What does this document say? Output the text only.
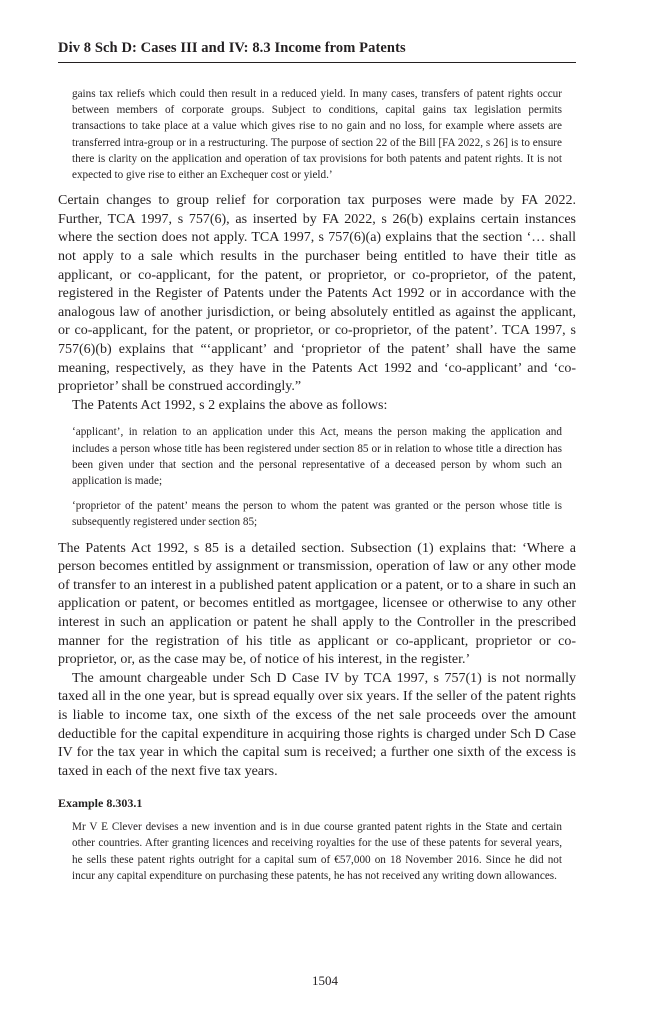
Div 8 Sch D: Cases III and IV: 8.3 Income from Patents

gains tax reliefs which could then result in a reduced yield. In many cases, transfers of patent rights occur between members of corporate groups. Subject to conditions, capital gains tax legislation permits transactions to take place at a value which gives rise to no gain and no loss, for example where assets are transferred intra-group or in a restructuring. The purpose of section 22 of the Bill [FA 2022, s 26] is to ensure there is clarity on the application and operation of tax provisions for both patents and patent rights. It is not expected to give rise to either an Exchequer cost or yield.’

Certain changes to group relief for corporation tax purposes were made by FA 2022. Further, TCA 1997, s 757(6), as inserted by FA 2022, s 26(b) explains certain instances where the section does not apply. TCA 1997, s 757(6)(a) explains that the section ‘… shall not apply to a sale which results in the purchaser being entitled to have their title as applicant, or co-applicant, for the patent, or proprietor, or co-proprietor, of the patent, registered in the Register of Patents under the Patents Act 1992 or in accordance with the analogous law of another jurisdiction, or being absolutely entitled as against the applicant, or co-applicant, for the patent, or proprietor, or co-proprietor, of the patent’. TCA 1997, s 757(6)(b) explains that “‘applicant’ and ‘proprietor of the patent’ shall have the same meaning, respectively, as they have in the Patents Act 1992 and ‘co-applicant’ and ‘co-proprietor’ shall be construed accordingly.”

The Patents Act 1992, s 2 explains the above as follows:

‘applicant’, in relation to an application under this Act, means the person making the application and includes a person whose title has been registered under section 85 or in relation to whose title a direction has been given under that section and the personal representative of a deceased person by whom such an application is made;

‘proprietor of the patent’ means the person to whom the patent was granted or the person whose title is subsequently registered under section 85;

The Patents Act 1992, s 85 is a detailed section. Subsection (1) explains that: ‘Where a person becomes entitled by assignment or transmission, operation of law or any other mode of transfer to an interest in a published patent application or a patent, or to a share in such an application or patent, or becomes entitled as mortgagee, licensee or otherwise to any other interest in such an application or patent he shall apply to the Controller in the prescribed manner for the registration of his title as applicant or co-applicant, proprietor or co-proprietor, or, as the case may be, of notice of his interest, in the register.’

The amount chargeable under Sch D Case IV by TCA 1997, s 757(1) is not normally taxed all in the one year, but is spread equally over six years. If the seller of the patent rights is liable to income tax, one sixth of the excess of the net sale proceeds over the amount deductible for the capital expenditure in acquiring those rights is charged under Sch D Case IV for the tax year in which the capital sum is received; a further one sixth of the excess is taxed in each of the next five tax years.

Example 8.303.1
Mr V E Clever devises a new invention and is in due course granted patent rights in the State and certain other countries. After granting licences and receiving royalties for the use of these patents for several years, he sells these patent rights outright for a capital sum of €57,000 on 18 November 2016. Since he did not incur any capital expenditure on purchasing these patents, he has not received any writing down allowances.
1504
